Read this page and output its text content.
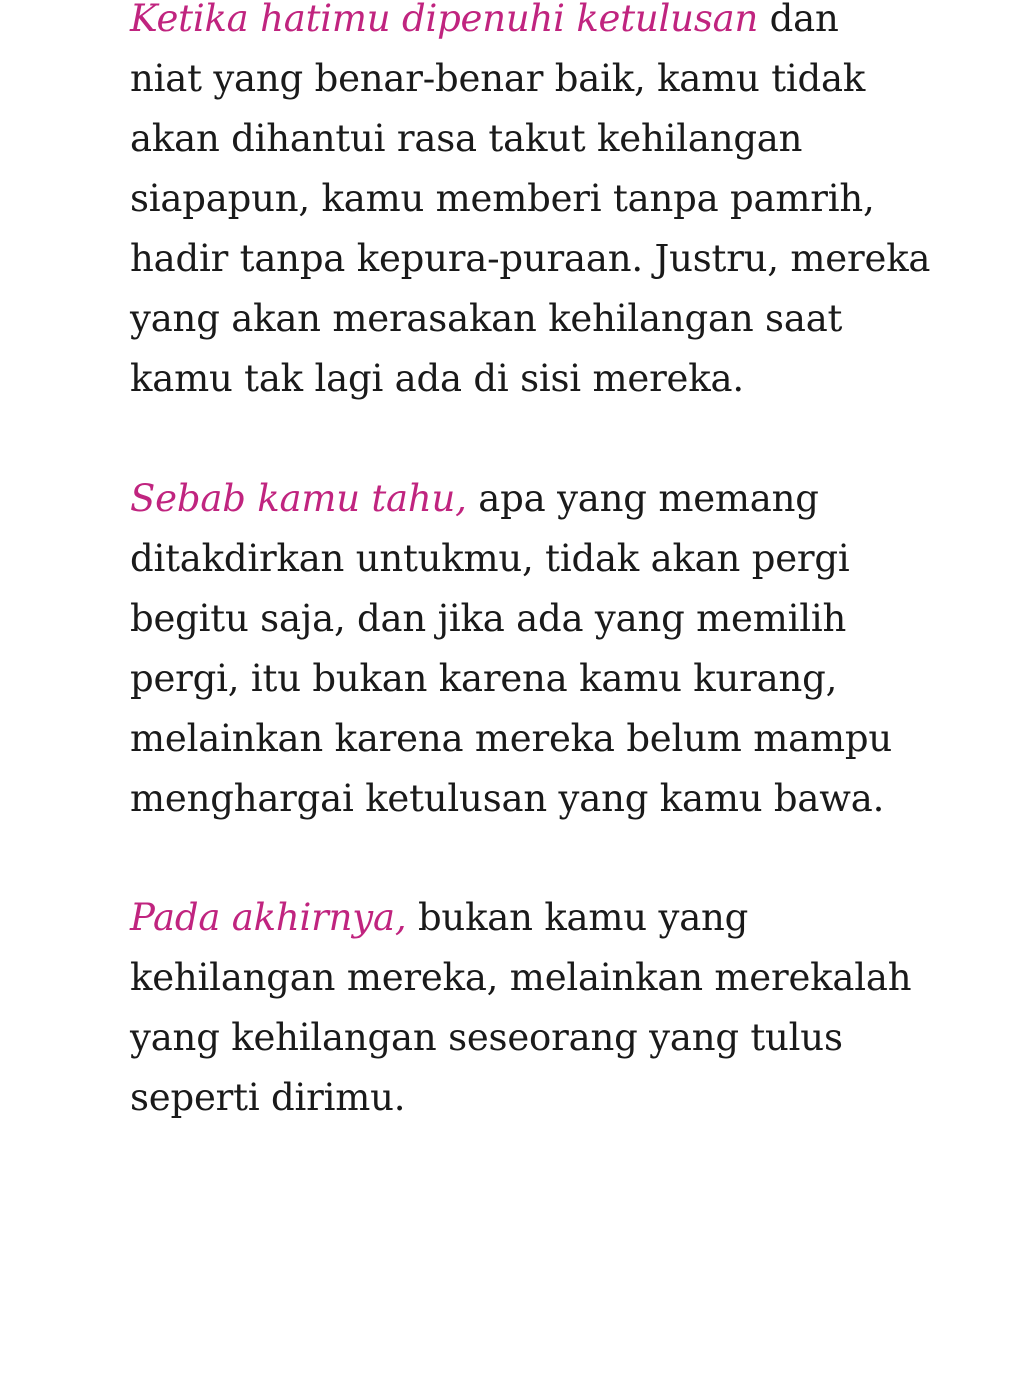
Ketika hatimu dipenuhi ketulusan dan
niat yang benar-benar baik, kamu tidak
akan dihantui rasa takut kehilangan
siapapun, kamu memberi tanpa pamrih,
hadir tanpa kepura-puraan. Justru, mereka
yang akan merasakan kehilangan saat
kamu tak lagi ada di sisi mereka.

Sebab kamu tahu, apa yang memang
ditakdirkan untukmu, tidak akan pergi
begitu saja, dan jika ada yang memilih
pergi, itu bukan karena kamu kurang,
melainkan karena mereka belum mampu
menghargai ketulusan yang kamu bawa.

Pada akhirnya, bukan kamu yang
kehilangan mereka, melainkan merekalah
yang kehilangan seseorang yang tulus
seperti dirimu.
